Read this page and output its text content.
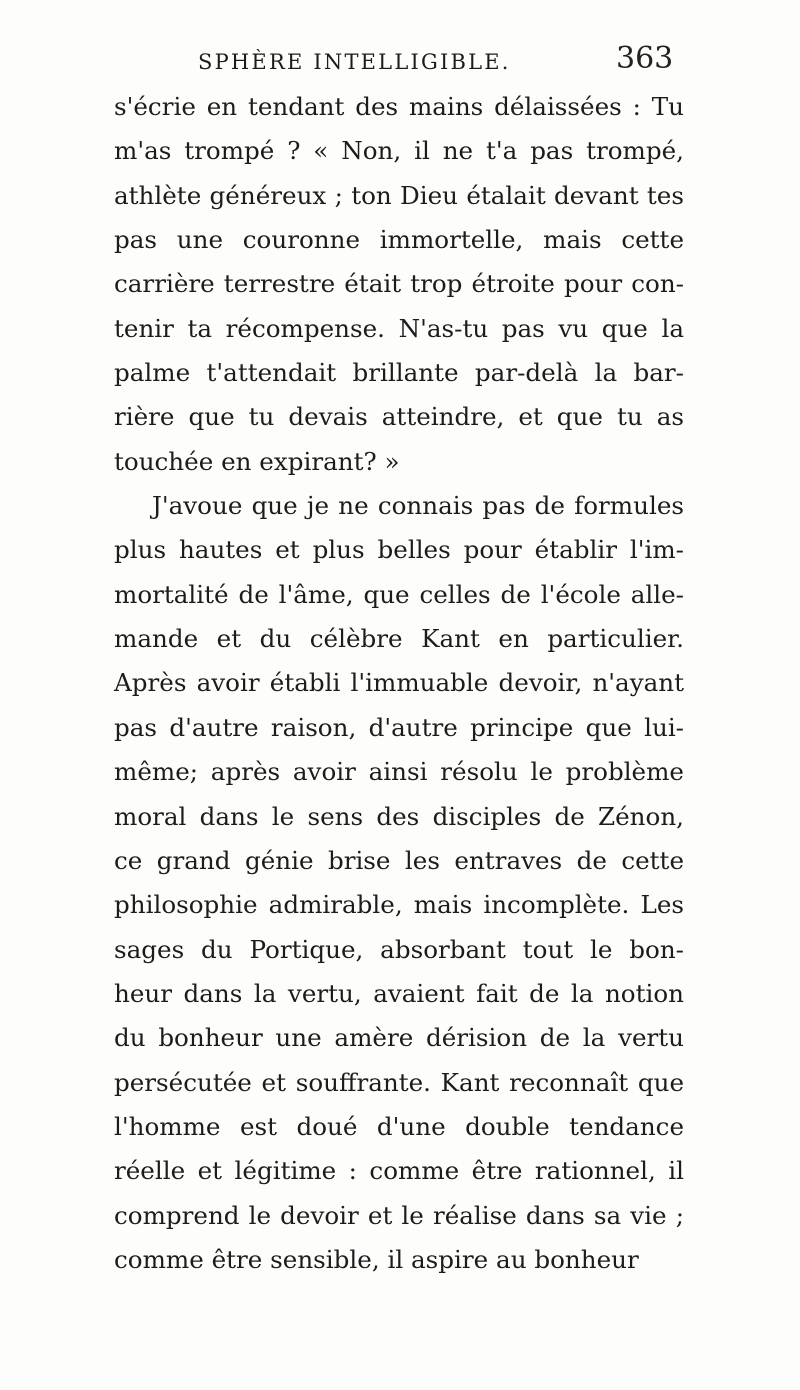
SPHÈRE INTELLIGIBLE.	363
s'écrie en tendant des mains délaissées : Tu
m'as trompé ? « Non, il ne t'a pas trompé,
athlète généreux ; ton Dieu étalait devant tes
pas une couronne immortelle, mais cette
carrière terrestre était trop étroite pour con-
tenir ta récompense. N'as-tu pas vu que la
palme t'attendait brillante par-delà la bar-
rière que tu devais atteindre, et que tu as
touchée en expirant? »
J'avoue que je ne connais pas de formules
plus hautes et plus belles pour établir l'im-
mortalité de l'âme, que celles de l'école alle-
mande et du célèbre Kant en particulier.
Après avoir établi l'immuable devoir, n'ayant
pas d'autre raison, d'autre principe que lui-
même; après avoir ainsi résolu le problème
moral dans le sens des disciples de Zénon,
ce grand génie brise les entraves de cette
philosophie admirable, mais incomplète. Les
sages du Portique, absorbant tout le bon-
heur dans la vertu, avaient fait de la notion
du bonheur une amère dérision de la vertu
persécutée et souffrante. Kant reconnaît que
l'homme est doué d'une double tendance
réelle et légitime : comme être rationnel, il
comprend le devoir et le réalise dans sa vie ;
comme être sensible, il aspire au bonheur
